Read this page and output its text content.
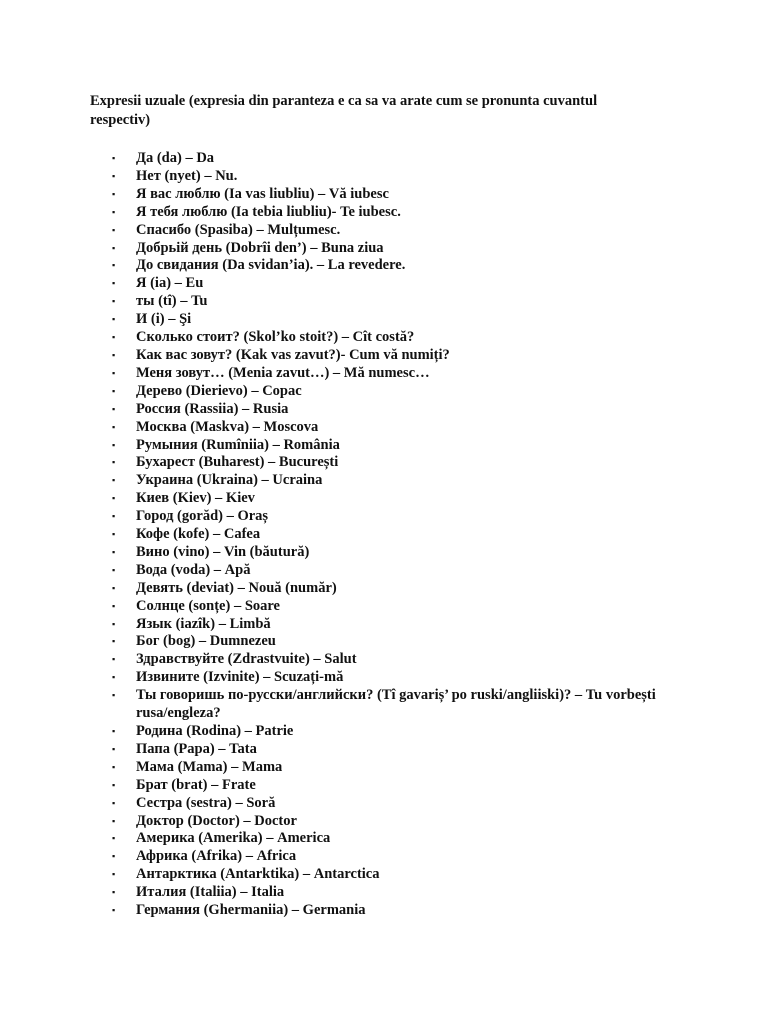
Expresii uzuale (expresia din paranteza e ca sa va arate cum se pronunta cuvantul respectiv)

▪ Да (da) – Da
▪ Нет (nyet) – Nu.
▪ Я вас люблю (Ia vas liubliu) – Vă iubesc
▪ Я тебя люблю (Ia tebia liubliu)- Te iubesc.
▪ Спасибо (Spasiba) – Mulțumesc.
▪ Добрьій день (Dobrîi den’) – Buna ziua
▪ До свидания (Da svidan’ia). – La revedere.
▪ Я (ia) – Eu
▪ ты (tî) – Tu
▪ И (i) – Şi
▪ Сколько стоит? (Skol’ko stoit?) – Cît costă?
▪ Как вас зовут? (Kak vas zavut?)- Cum vă numiți?
▪ Меня зовут… (Menia zavut…) – Mă numesc…
▪ Дерево (Dierievo) – Copac
▪ Россия (Rassiia) – Rusia
▪ Москва (Maskva) – Moscova
▪ Румыния (Rumîniia) – România
▪ Бухарест (Buharest) – București
▪ Украина (Ukraina) – Ucraina
▪ Киев (Kiev) – Kiev
▪ Город (gorăd) – Oraș
▪ Кофе (kofe) – Cafea
▪ Вино (vino) – Vin (băutură)
▪ Вода (voda) – Apă
▪ Девять (deviat) – Nouă (număr)
▪ Солнце (sonțe) – Soare
▪ Язык (iazîk) – Limbă
▪ Бог (bog) – Dumnezeu
▪ Здравствуйте (Zdrastvuite) – Salut
▪ Извините (Izvinite) – Scuzați-mă
▪ Ты говоришь по-русски/английски? (Tî gavariș’ po ruski/angliiski)? – Tu vorbești rusa/engleza?
▪ Родина (Rodina) – Patrie
▪ Папа (Papa) – Tata
▪ Мама (Mama) – Mama
▪ Брат (brat) – Frate
▪ Сестра (sestra) – Soră
▪ Доктор (Doctor) – Doctor
▪ Америка (Amerika) – America
▪ Африка (Afrika) – Africa
▪ Антарктика (Antarktika) – Antarctica
▪ Италия (Italiia) – Italia
▪ Германия (Ghermaniia) – Germania
